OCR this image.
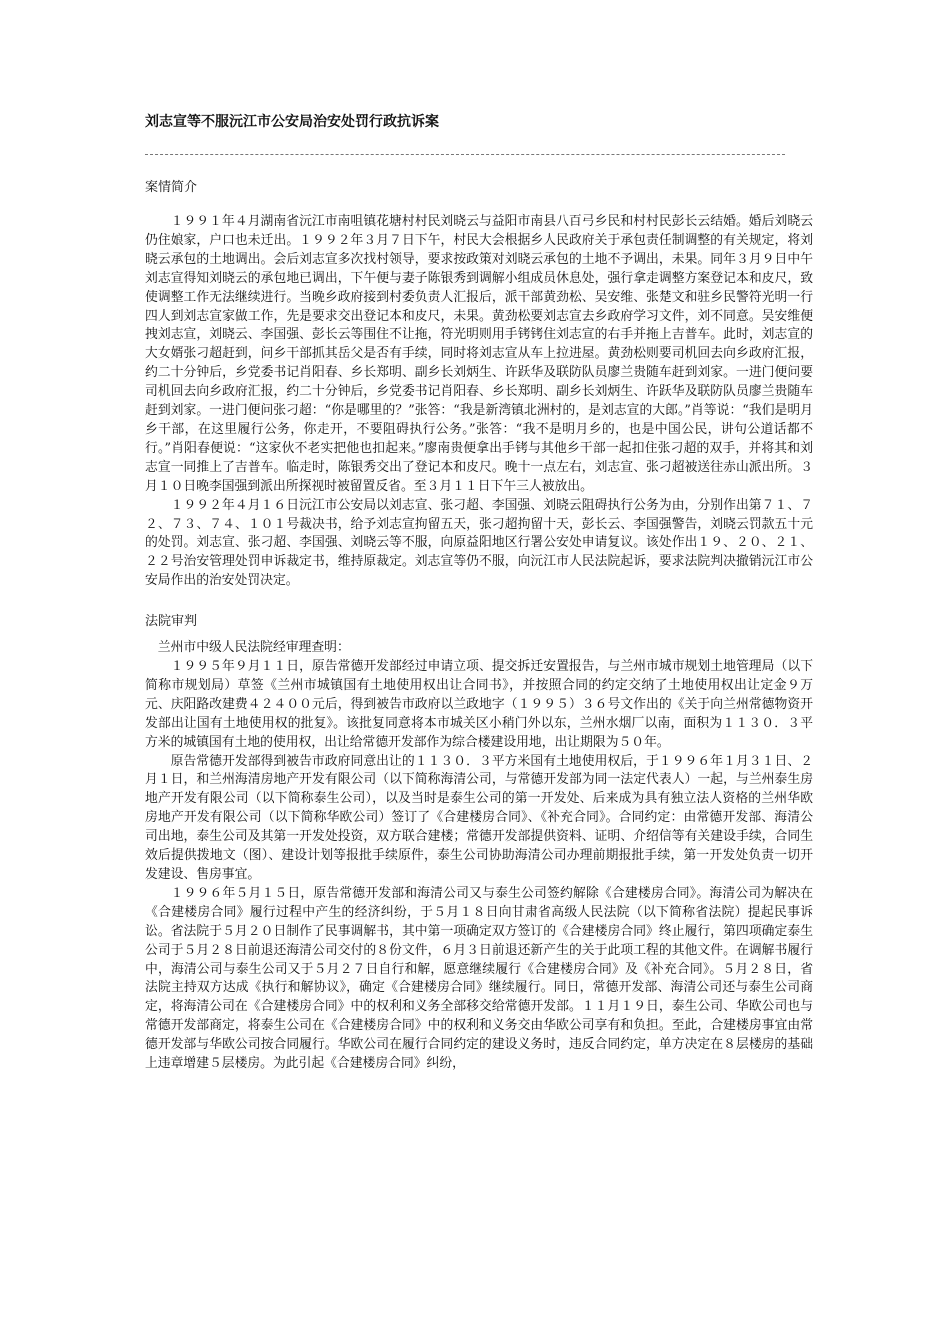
刘志宣等不服沅江市公安局治安处罚行政抗诉案
案情简介

１９９１年４月湖南省沅江市南咀镇花塘村村民刘晓云与益阳市南县八百弓乡民和村村民彭长云结婚。婚后刘晓云仍住娘家，户口也未迁出。１９９２年３月７日下午，村民大会根据乡人民政府关于承包责任制调整的有关规定，将刘晓云承包的土地调出。会后刘志宣多次找村领导，要求按政策对刘晓云承包的土地不予调出，未果。同年３月９日中午刘志宣得知刘晓云的承包地已调出，下午便与妻子陈银秀到调解小组成员休息处，强行拿走调整方案登记本和皮尺，致使调整工作无法继续进行。当晚乡政府接到村委负责人汇报后，派干部黄劲松、吴安维、张楚文和驻乡民警符光明一行四人到刘志宣家做工作，先是要求交出登记本和皮尺，未果。黄劲松要刘志宣去乡政府学习文件，刘不同意。吴安维便拽刘志宣，刘晓云、李国强、彭长云等围住不让拖，符光明则用手铐铐住刘志宣的右手并拖上吉普车。此时，刘志宣的大女婿张刁超赶到，问乡干部抓其岳父是否有手续，同时将刘志宣从车上拉进屋。黄劲松则要司机回去向乡政府汇报，约二十分钟后，乡党委书记肖阳春、乡长郑明、副乡长刘炳生、许跃华及联防队员廖兰贵随车赶到刘家。一进门便问要司机回去向乡政府汇报，约二十分钟后，乡党委书记肖阳春、乡长郑明、副乡长刘炳生、许跃华及联防队员廖兰贵随车赶到刘家。一进门便问张刁超：“你是哪里的？”张答：“我是新湾镇北洲村的，是刘志宣的大郎。”肖等说：“我们是明月乡干部，在这里履行公务，你走开，不要阻碍执行公务。”张答：“我不是明月乡的，也是中国公民，讲句公道话都不行。”肖阳春便说：“这家伙不老实把他也扣起来。”廖南贵便拿出手铐与其他乡干部一起扣住张刁超的双手，并将其和刘志宣一同推上了吉普车。临走时，陈银秀交出了登记本和皮尺。晚十一点左右，刘志宣、张刁超被送往赤山派出所。３月１０日晚李国强到派出所探视时被留置反省。至３月１１日下午三人被放出。

１９９２年４月１６日沅江市公安局以刘志宣、张刁超、李国强、刘晓云阻碍执行公务为由，分别作出第７１、７２、７３、７４、１０１号裁决书，给予刘志宣拘留五天，张刁超拘留十天，彭长云、李国强警告，刘晓云罚款五十元的处罚。刘志宣、张刁超、李国强、刘晓云等不服，向原益阳地区行署公安处申请复议。该处作出１９、２０、２１、２２号治安管理处罚申诉裁定书，维持原裁定。刘志宣等仍不服，向沅江市人民法院起诉，要求法院判决撤销沅江市公安局作出的治安处罚决定。

法院审判

兰州市中级人民法院经审理查明：

１９９５年９月１１日，原告常德开发部经过申请立项、提交拆迁安置报告，与兰州市城市规划土地管理局（以下简称市规划局）草签《兰州市城镇国有土地使用权出让合同书》，并按照合同的约定交纳了土地使用权出让定金９万元、庆阳路改建费４２４００元后，得到被告市政府以兰政地字（１９９５）３６号文作出的《关于向兰州常德物资开发部出让国有土地使用权的批复》。该批复同意将本市城关区小稍门外以东，兰州水烟厂以南，面积为１１３０．３平方米的城镇国有土地的使用权，出让给常德开发部作为综合楼建设用地，出让期限为５０年。

原告常德开发部得到被告市政府同意出让的１１３０．３平方米国有土地使用权后，于１９９６年１月３１日、２月１日，和兰州海清房地产开发有限公司（以下简称海清公司，与常德开发部为同一法定代表人）一起，与兰州泰生房地产开发有限公司（以下简称泰生公司），以及当时是泰生公司的第一开发处、后来成为具有独立法人资格的兰州华欧房地产开发有限公司（以下简称华欧公司）签订了《合建楼房合同》、《补充合同》。合同约定：由常德开发部、海清公司出地，泰生公司及其第一开发处投资，双方联合建楼；常德开发部提供资料、证明、介绍信等有关建设手续，合同生效后提供拨地文（图）、建设计划等报批手续原件，泰生公司协助海清公司办理前期报批手续，第一开发处负责一切开发建设、售房事宜。

１９９６年５月１５日，原告常德开发部和海清公司又与泰生公司签约解除《合建楼房合同》。海清公司为解决在《合建楼房合同》履行过程中产生的经济纠纷，于５月１８日向甘肃省高级人民法院（以下简称省法院）提起民事诉讼。省法院于５月２０日制作了民事调解书，其中第一项确定双方签订的《合建楼房合同》终止履行，第四项确定泰生公司于５月２８日前退还海清公司交付的８份文件，６月３日前退还新产生的关于此项工程的其他文件。在调解书履行中，海清公司与泰生公司又于５月２７日自行和解，愿意继续履行《合建楼房合同》及《补充合同》。５月２８日，省法院主持双方达成《执行和解协议》，确定《合建楼房合同》继续履行。同日，常德开发部、海清公司还与泰生公司商定，将海清公司在《合建楼房合同》中的权利和义务全部移交给常德开发部。１１月１９日，泰生公司、华欧公司也与常德开发部商定，将泰生公司在《合建楼房合同》中的权利和义务交由华欧公司享有和负担。至此，合建楼房事宜由常德开发部与华欧公司按合同履行。华欧公司在履行合同约定的建设义务时，违反合同约定，单方决定在８层楼房的基础上违章增建５层楼房。为此引起《合建楼房合同》纠纷，
